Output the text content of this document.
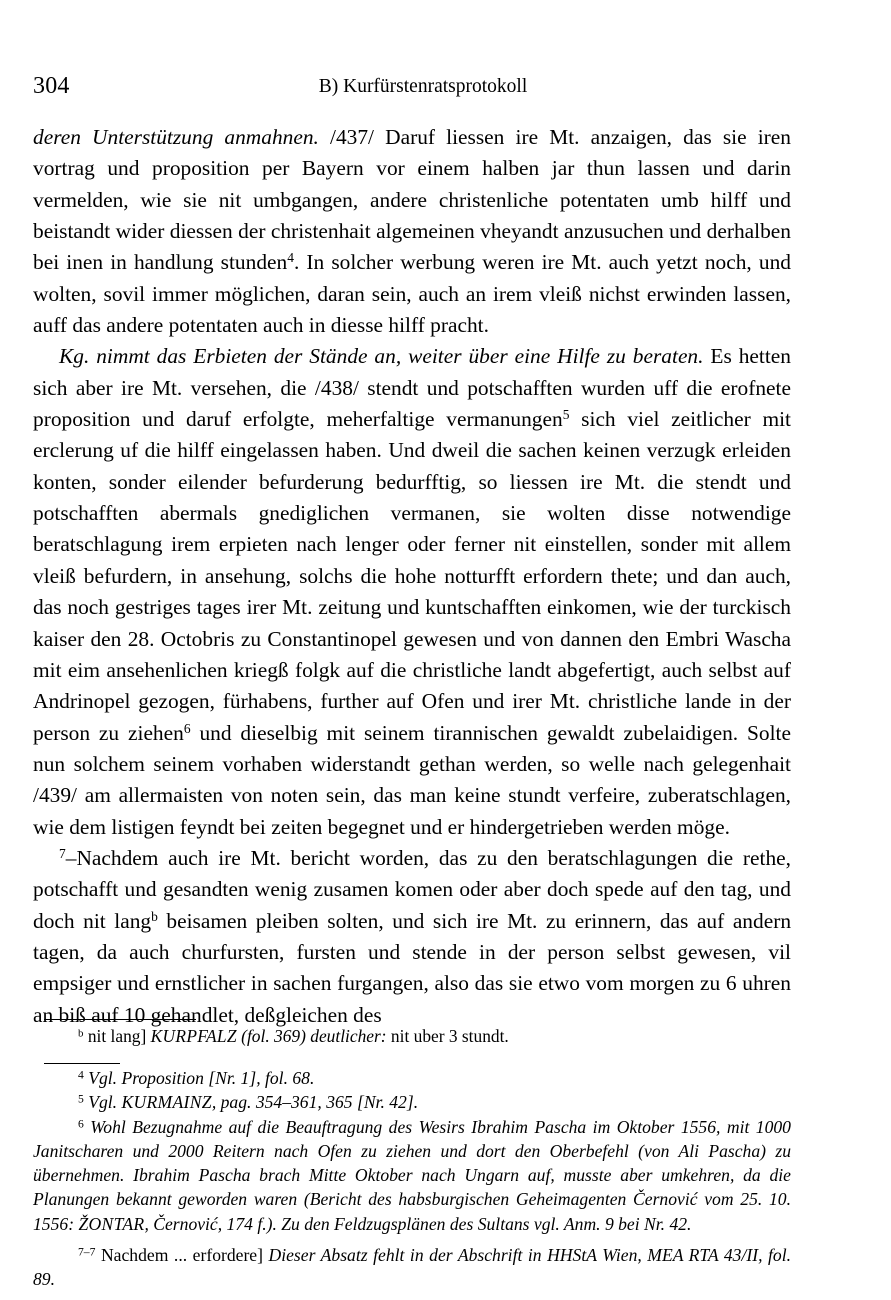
304	B) Kurfürstenratsprotokoll

deren Unterstützung anmahnen. /437/ Daruf liessen ire Mt. anzaigen, das sie iren vortrag und proposition per Bayern vor einem halben jar thun lassen und darin vermelden, wie sie nit umbgangen, andere christenliche potentaten umb hilff und beistandt wider diessen der christenhait algemeinen vheyandt anzusuchen und derhalben bei inen in handlung stunden$^4$. In solcher werbung weren ire Mt. auch yetzt noch, und wolten, sovil immer möglichen, daran sein, auch an irem vleiß nichst erwinden lassen, auff das andere potentaten auch in diesse hilff pracht.

Kg. nimmt das Erbieten der Stände an, weiter über eine Hilfe zu beraten. Es hetten sich aber ire Mt. versehen, die /438/ stendt und potschafften wurden uff die erofnete proposition und daruf erfolgte, meherfaltige vermanungen$^5$ sich viel zeitlicher mit erclerung uf die hilff eingelassen haben. Und dweil die sachen keinen verzugk erleiden konten, sonder eilender befurderung bedurfftig, so liessen ire Mt. die stendt und potschafften abermals gnediglichen vermanen, sie wolten disse notwendige beratschlagung irem erpieten nach lenger oder ferner nit einstellen, sonder mit allem vleiß befurdern, in ansehung, solchs die hohe notturfft erfordern thete; und dan auch, das noch gestriges tages irer Mt. zeitung und kuntschafften einkomen, wie der turckisch kaiser den 28. Octobris zu Constantinopel gewesen und von dannen den Embri Wascha mit eim ansehenlichen kriegß folgk auf die christliche landt abgefertigt, auch selbst auf Andrinopel gezogen, fürhabens, further auf Ofen und irer Mt. christliche lande in der person zu ziehen$^6$ und dieselbig mit seinem tirannischen gewaldt zubelaidigen. Solte nun solchem seinem vorhaben widerstandt gethan werden, so welle nach gelegenhait /439/ am allermaisten von noten sein, das man keine stundt verfeire, zuberatschlagen, wie dem listigen feyndt bei zeiten begegnet und er hindergetrieben werden möge.

$^7$–Nachdem auch ire Mt. bericht worden, das zu den beratschlagungen die rethe, potschafft und gesandten wenig zusamen komen oder aber doch spede auf den tag, und doch nit lang$^b$ beisamen pleiben solten, und sich ire Mt. zu erinnern, das auf andern tagen, da auch churfursten, fursten und stende in der person selbst gewesen, vil empsiger und ernstlicher in sachen furgangen, also das sie etwo vom morgen zu 6 uhren an biß auf 10 gehandlet, deßgleichen des

$^b$ nit lang] KURPFALZ (fol. 369) deutlicher: nit uber 3 stundt.

$^4$ Vgl. Proposition [Nr. 1], fol. 68.

$^5$ Vgl. KURMAINZ, pag. 354–361, 365 [Nr. 42].

$^6$ Wohl Bezugnahme auf die Beauftragung des Wesirs Ibrahim Pascha im Oktober 1556, mit 1000 Janitscharen und 2000 Reitern nach Ofen zu ziehen und dort den Oberbefehl (von Ali Pascha) zu übernehmen. Ibrahim Pascha brach Mitte Oktober nach Ungarn auf, musste aber umkehren, da die Planungen bekannt geworden waren (Bericht des habsburgischen Geheimagenten Černović vom 25. 10. 1556: ŽONTAR, Černović, 174 f.). Zu den Feldzugsplänen des Sultans vgl. Anm. 9 bei Nr. 42.

$^{7-7}$ Nachdem ... erfordere] Dieser Absatz fehlt in der Abschrift in HHStA Wien, MEA RTA 43/II, fol. 89.
